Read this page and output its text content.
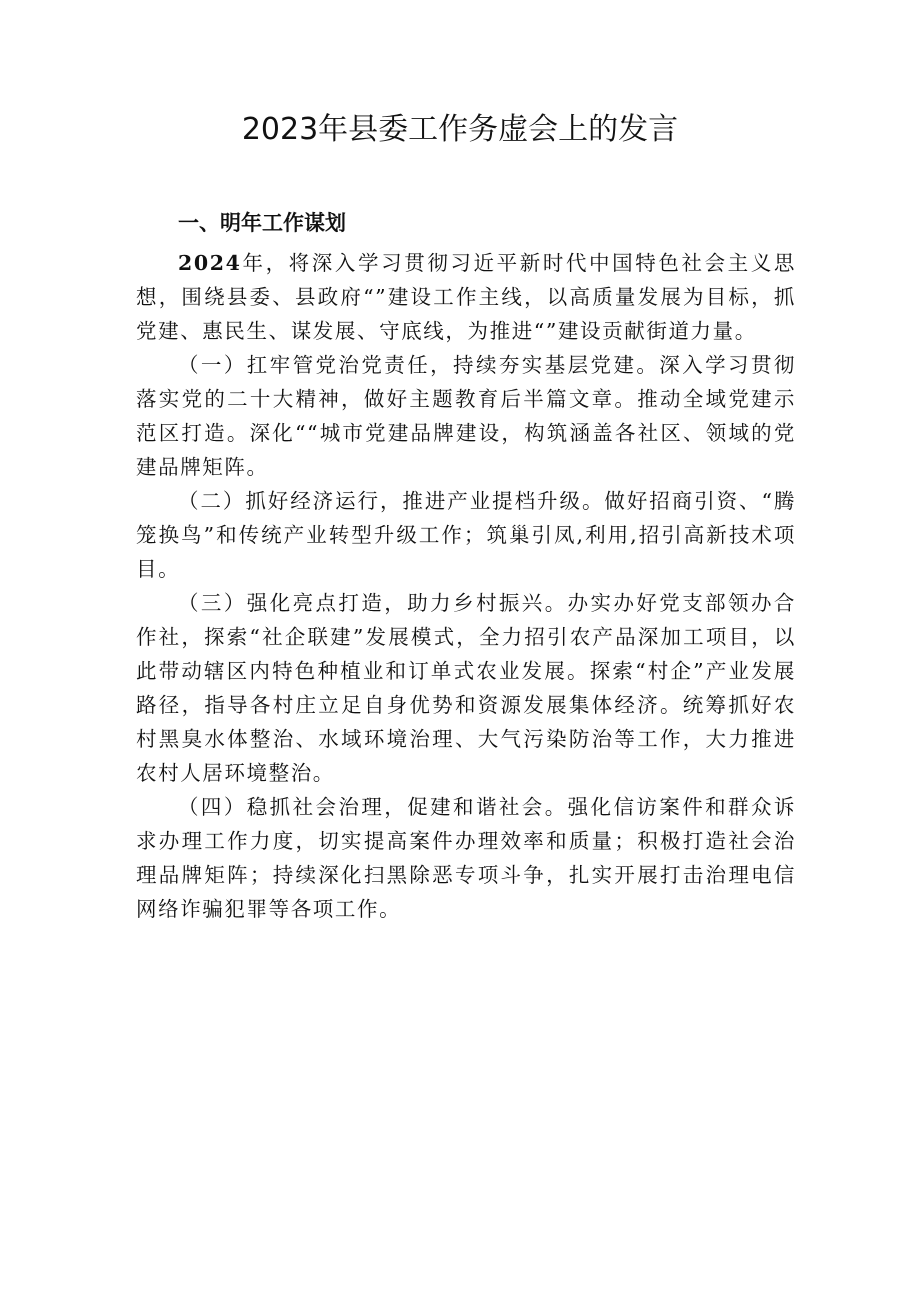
2023年县委工作务虚会上的发言
一、明年工作谋划

2024年，将深入学习贯彻习近平新时代中国特色社会主义思想，围绕县委、县政府“”建设工作主线，以高质量发展为目标，抓党建、惠民生、谋发展、守底线，为推进“”建设贡献街道力量。

（一）扛牢管党治党责任，持续夯实基层党建。深入学习贯彻落实党的二十大精神，做好主题教育后半篇文章。推动全域党建示范区打造。深化““城市党建品牌建设，构筑涵盖各社区、领域的党建品牌矩阵。

（二）抓好经济运行，推进产业提档升级。做好招商引资、“腾笼换鸟”和传统产业转型升级工作；筑巢引凤,利用,招引高新技术项目。

（三）强化亮点打造，助力乡村振兴。办实办好党支部领办合作社，探索“社企联建”发展模式，全力招引农产品深加工项目，以此带动辖区内特色种植业和订单式农业发展。探索“村企”产业发展路径，指导各村庄立足自身优势和资源发展集体经济。统筹抓好农村黑臭水体整治、水域环境治理、大气污染防治等工作，大力推进农村人居环境整治。

（四）稳抓社会治理，促建和谐社会。强化信访案件和群众诉求办理工作力度，切实提高案件办理效率和质量；积极打造社会治理品牌矩阵；持续深化扫黑除恶专项斗争，扎实开展打击治理电信网络诈骗犯罪等各项工作。
